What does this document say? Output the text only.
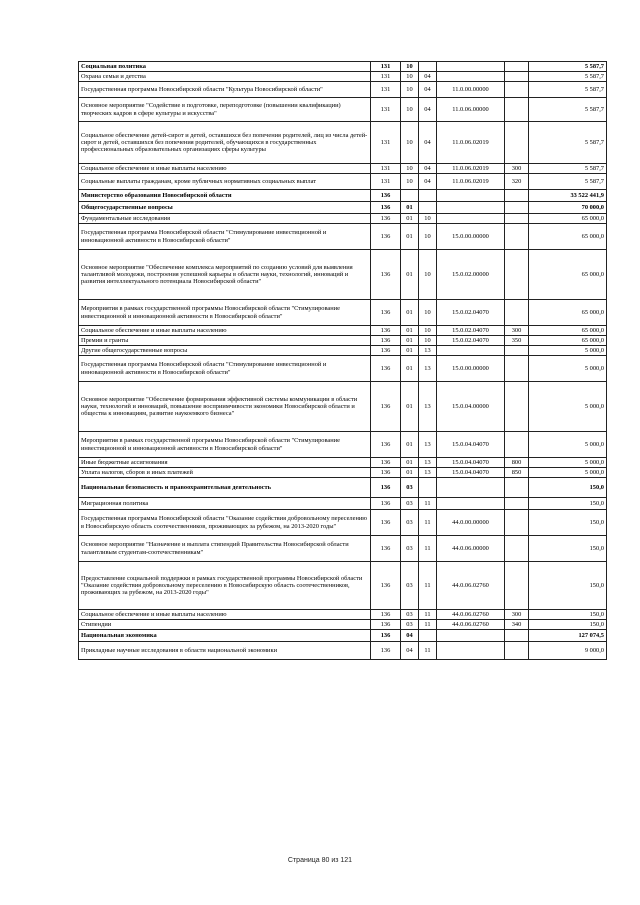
Социальная политика	131	10				5 587,7
Охрана семьи и детства	131	10	04			5 587,7
Государственная программа Новосибирской области "Культура Новосибирской области"	131	10	04	11.0.00.00000		5 587,7
Основное мероприятие "Содействие в подготовке, переподготовке (повышении квалификации) творческих кадров в сфере культуры и искусства"	131	10	04	11.0.06.00000		5 587,7
Социальное обеспечение детей-сирот и детей, оставшихся без попечения родителей, лиц из числа детей-сирот и детей, оставшихся без попечения родителей, обучающихся в государственных профессиональных образовательных организациях сферы культуры	131	10	04	11.0.06.02019		5 587,7
Социальное обеспечение и иные выплаты населению	131	10	04	11.0.06.02019	300	5 587,7
Социальные выплаты гражданам, кроме публичных нормативных социальных выплат	131	10	04	11.0.06.02019	320	5 587,7
Министерство образования Новосибирской области	136					33 522 441,9
Общегосударственные вопросы	136	01				70 000,0
Фундаментальные исследования	136	01	10			65 000,0
Государственная программа Новосибирской области "Стимулирование инвестиционной и инновационной активности в Новосибирской области"	136	01	10	15.0.00.00000		65 000,0
Основное мероприятие "Обеспечение комплекса мероприятий по созданию условий для выявления талантливой молодежи, построения успешной карьеры в области науки, технологий, инноваций и развития интеллектуального потенциала Новосибирской области"	136	01	10	15.0.02.00000		65 000,0
Мероприятия в рамках государственной программы Новосибирской области "Стимулирование инвестиционной и инновационной активности в Новосибирской области"	136	01	10	15.0.02.04070		65 000,0
Социальное обеспечение и иные выплаты населению	136	01	10	15.0.02.04070	300	65 000,0
Премии и гранты	136	01	10	15.0.02.04070	350	65 000,0
Другие общегосударственные вопросы	136	01	13			5 000,0
Государственная программа Новосибирской области "Стимулирование инвестиционной и инновационной активности в Новосибирской области"	136	01	13	15.0.00.00000		5 000,0
Основное мероприятие "Обеспечение формирования эффективной системы коммуникации в области науки, технологий и инноваций, повышение восприимчивости экономики Новосибирской области и общества к инновациям, развитие наукоемкого бизнеса"	136	01	13	15.0.04.00000		5 000,0
Мероприятия в рамках государственной программы Новосибирской области "Стимулирование инвестиционной и инновационной активности в Новосибирской области"	136	01	13	15.0.04.04070		5 000,0
Иные бюджетные ассигнования	136	01	13	15.0.04.04070	800	5 000,0
Уплата налогов, сборов и иных платежей	136	01	13	15.0.04.04070	850	5 000,0
Национальная безопасность и правоохранительная деятельность	136	03				150,0
Миграционная политика	136	03	11			150,0
Государственная программа Новосибирской области "Оказание содействия добровольному переселению в Новосибирскую область соотечественников, проживающих за рубежом, на 2013-2020 годы"	136	03	11	44.0.00.00000		150,0
Основное мероприятие "Назначение и выплата стипендий Правительства Новосибирской области талантливым студентам-соотечественникам"	136	03	11	44.0.06.00000		150,0
Предоставление социальной поддержки в рамках государственной программы Новосибирской области "Оказание содействия добровольному переселению в Новосибирскую область соотечественников, проживающих за рубежом, на 2013-2020 годы"	136	03	11	44.0.06.02760		150,0
Социальное обеспечение и иные выплаты населению	136	03	11	44.0.06.02760	300	150,0
Стипендии	136	03	11	44.0.06.02760	340	150,0
Национальная экономика	136	04				127 074,5
Прикладные научные исследования в области национальной экономики	136	04	11			9 000,0
Страница 80 из 121
